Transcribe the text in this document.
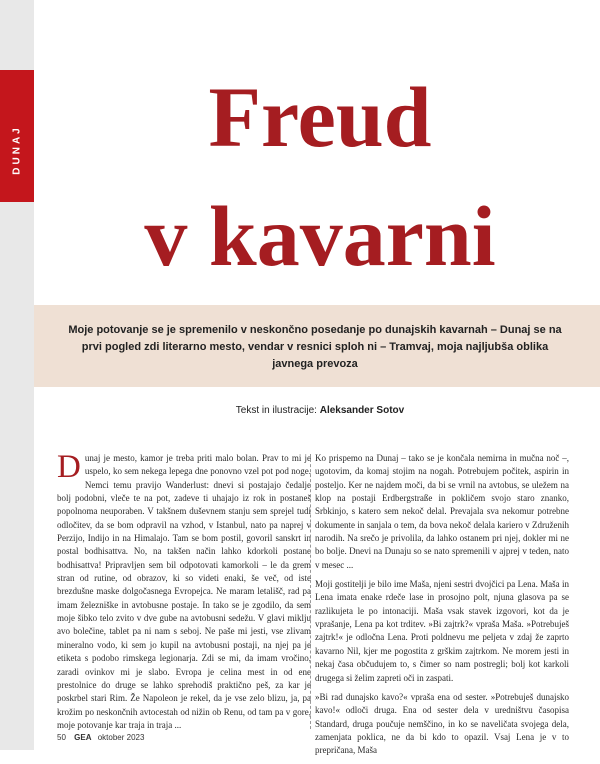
DUNAJ	Freud
v kavarni

Moje potovanje se je spremenilo v neskončno posedanje po dunajskih kavarnah – Dunaj se na prvi pogled zdi literarno mesto, vendar v resnici sploh ni – Tramvaj, moja najljubša oblika javnega prevoza

Tekst in ilustracije: Aleksander Sotov

Dunaj je mesto, kamor je treba priti malo bolan. Prav to mi je uspelo, ko sem nekega lepega dne ponovno vzel pot pod noge. Nemci temu pravijo Wanderlust: dnevi si postajajo čedalje bolj podobni, vleče te na pot, zadeve ti uhajajo iz rok in postaneš popolnoma neuporaben. V takšnem duševnem stanju sem sprejel tudi odločitev, da se bom odpravil na vzhod, v Istanbul, nato pa naprej v Perzijo, Indijo in na Himalajo. Tam se bom postil, govoril sanskrt in postal bodhisattva. No, na takšen način lahko kdorkoli postane bodhisattva! Pripravljen sem bil odpotovati kamorkoli – le da grem stran od rutine, od obrazov, ki so videti enaki, še več, od iste brezdušne maske dolgočasnega Evropejca. Ne maram letališč, rad pa imam železniške in avtobusne postaje. In tako se je zgodilo, da sem moje šibko telo zvito v dve gube na avtobusni sedežu. V glavi miklju avo bolečine, tablet pa ni nam s seboj. Ne paše mi jesti, vse zlivam mineralno vodo, ki sem jo kupil na avtobusni postaji, na njej pa je etiketa s podobo rimskega legionarja. Zdi se mi, da imam vročino, zaradi ovinkov mi je slabo. Evropa je celina mest in od ene prestolnice do druge se lahko sprehodiš praktično peš, za kar je poskrbel stari Rim. Že Napoleon je rekel, da je vse zelo blizu, ja, pa krožim po neskončnih avtocestah od nižin ob Renu, od tam pa v gore, moje potovanje kar traja in traja ...

Ko prispemo na Dunaj – tako se je končala nemirna in mučna noč –, ugotovim, da komaj stojim na nogah. Potrebujem počitek, aspirin in posteljo. Ker ne najdem moči, da bi se vrnil na avtobus, se uležem na klop na postaji Erdbergstraße in pokličem svojo staro znanko, Srbkinjo, s katero sem nekoč delal. Prevajala sva nekomur potrebne dokumente in sanjala o tem, da bova nekoč delala kariero v Združenih narodih. Na srečo je privolila, da lahko ostanem pri njej, dokler mi ne bo bolje. Dnevi na Dunaju so se nato spremenili v ajprej v teden, nato v mesec ...

Moji gostitelji je bilo ime Maša, njeni sestri dvojčici pa Lena. Maša in Lena imata enake rdeče lase in prosojno polt, njuna glasova pa se razlikujeta le po intonaciji. Maša vsak stavek izgovori, kot da je vprašanje, Lena pa kot trditev. »Bi zajtrk?« vpraša Maša. »Potrebuješ zajtrk!« je odločna Lena. Proti poldnevu me peljeta v zdaj že zaprto kavarno Nil, kjer me pogostita z grškim zajtrkom. Ne morem jesti in nekaj časa občudujem to, s čimer so nam postregli; bolj kot karkoli drugega si želim zapreti oči in zaspati.

»Bi rad dunajsko kavo?« vpraša ena od sester. »Potrebuješ dunajsko kavo!« odloči druga. Ena od sester dela v uredništvu časopisa Standard, druga poučuje nemščino, in ko se naveličata svojega dela, zamenjata poklica, ne da bi kdo to opazil. Vsaj Lena je v to prepričana, Maša

50 GEA oktober 2023
